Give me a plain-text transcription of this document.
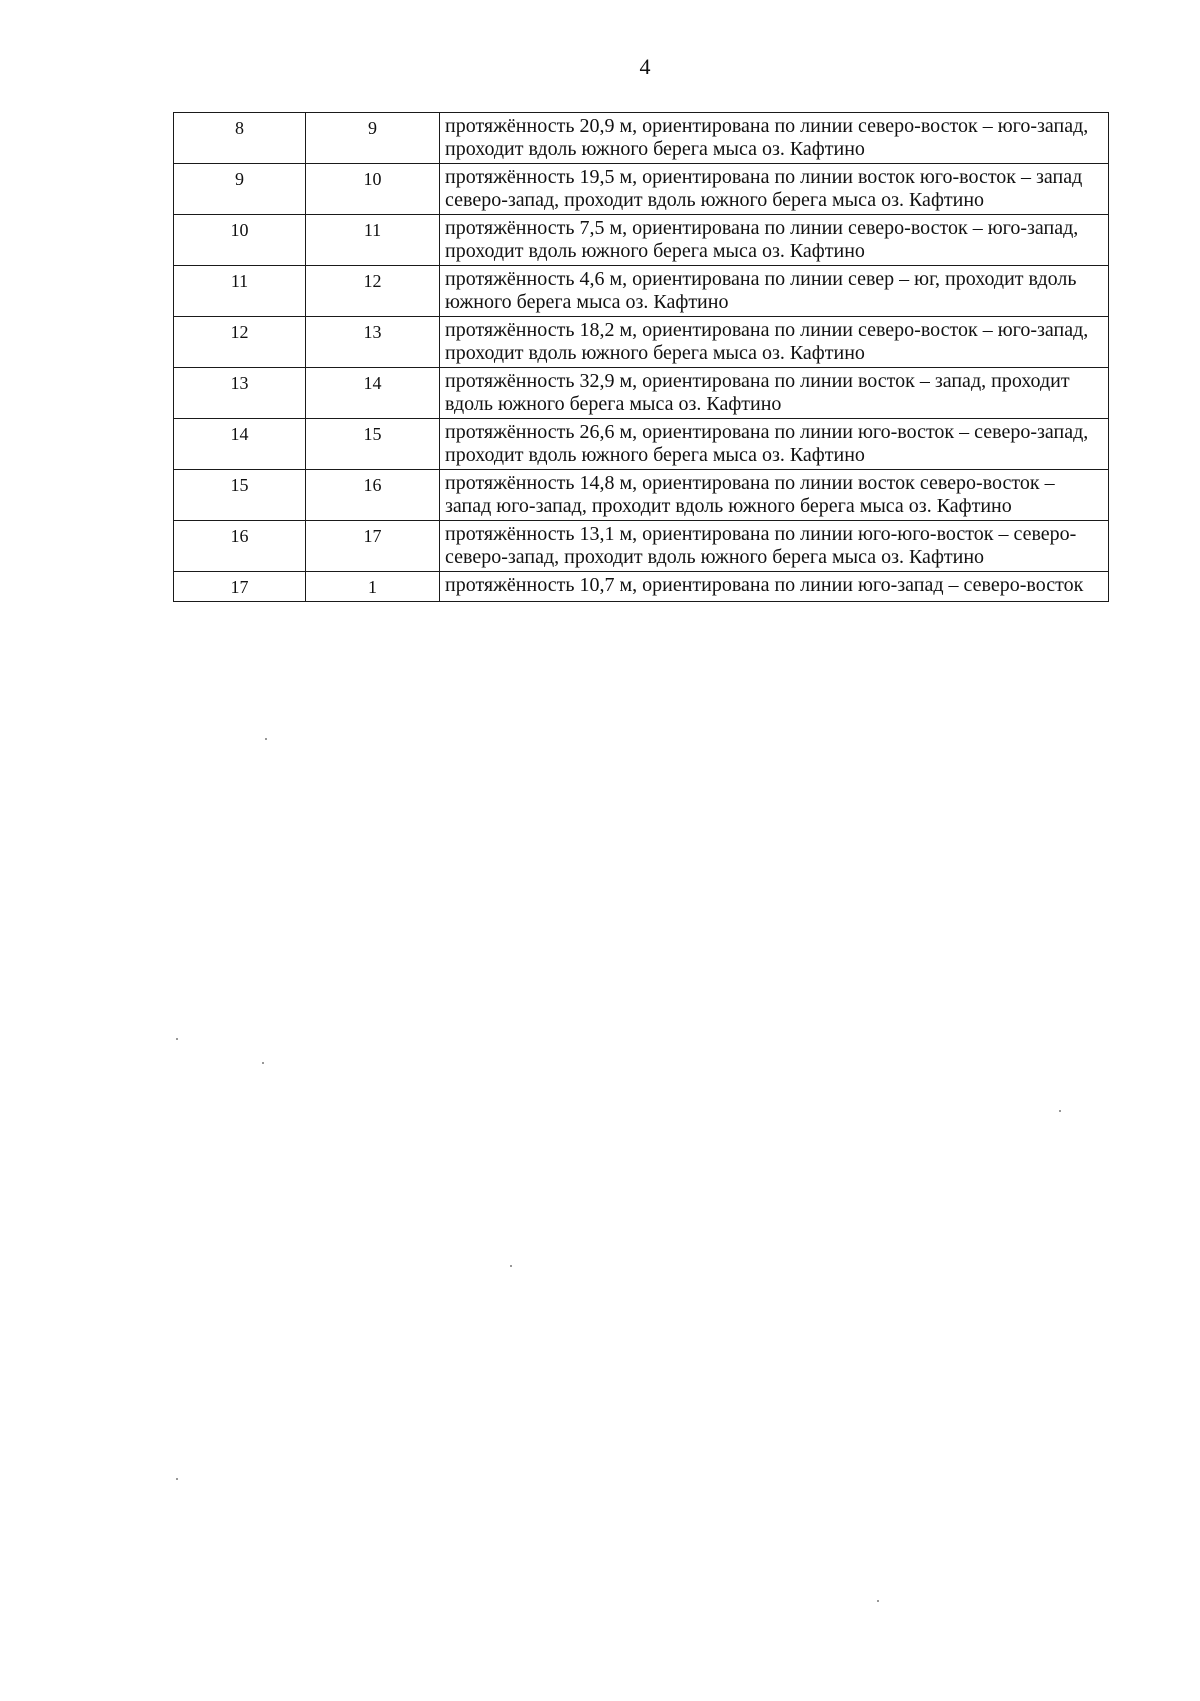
4
8	9	протяжённость 20,9 м, ориентирована по линии северо-восток – юго-запад, проходит вдоль южного берега мыса оз. Кафтино
9	10	протяжённость 19,5 м, ориентирована по линии восток юго-восток – запад северо-запад, проходит вдоль южного берега мыса оз. Кафтино
10	11	протяжённость 7,5 м, ориентирована по линии северо-восток – юго-запад, проходит вдоль южного берега мыса оз. Кафтино
11	12	протяжённость 4,6 м, ориентирована по линии север – юг, проходит вдоль южного берега мыса оз. Кафтино
12	13	протяжённость 18,2 м, ориентирована по линии северо-восток – юго-запад, проходит вдоль южного берега мыса оз. Кафтино
13	14	протяжённость 32,9 м, ориентирована по линии восток – запад, проходит вдоль южного берега мыса оз. Кафтино
14	15	протяжённость 26,6 м, ориентирована по линии юго-восток – северо-запад, проходит вдоль южного берега мыса оз. Кафтино
15	16	протяжённость 14,8 м, ориентирована по линии восток северо-восток – запад юго-запад, проходит вдоль южного берега мыса оз. Кафтино
16	17	протяжённость 13,1 м, ориентирована по линии юго-юго-восток – северо-северо-запад, проходит вдоль южного берега мыса оз. Кафтино
17	1	протяжённость 10,7 м, ориентирована по линии юго-запад – северо-восток
